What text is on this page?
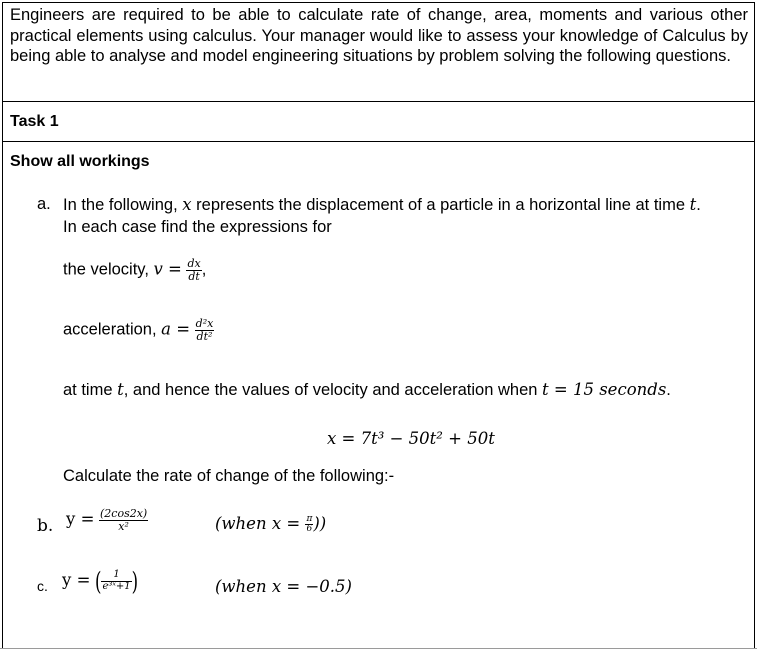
Engineers are required to be able to calculate rate of change, area, moments and various other practical elements using calculus. Your manager would like to assess your knowledge of Calculus by being able to analyse and model engineering situations by problem solving the following questions.
Task 1
Show all workings
a. In the following, x represents the displacement of a particle in a horizontal line at time t.
In each case find the expressions for
the velocity, $v = \frac{dx}{dt}$ ,
acceleration, $a = \frac{\text{d²x}}{\text{dt²}}$
at time t, and hence the values of velocity and acceleration when t = 15 seconds.
x = 7t³ − 50t² + 50t
Calculate the rate of change of the following:-
b. $y = \frac{(2\cos 2x)}{\text{x²}}$	(when $x = \frac{\pi}{6}$ ))
c. y = ( $\frac{1}{\text{e³ˣ+1}}$ )	(when x = −0.5)
